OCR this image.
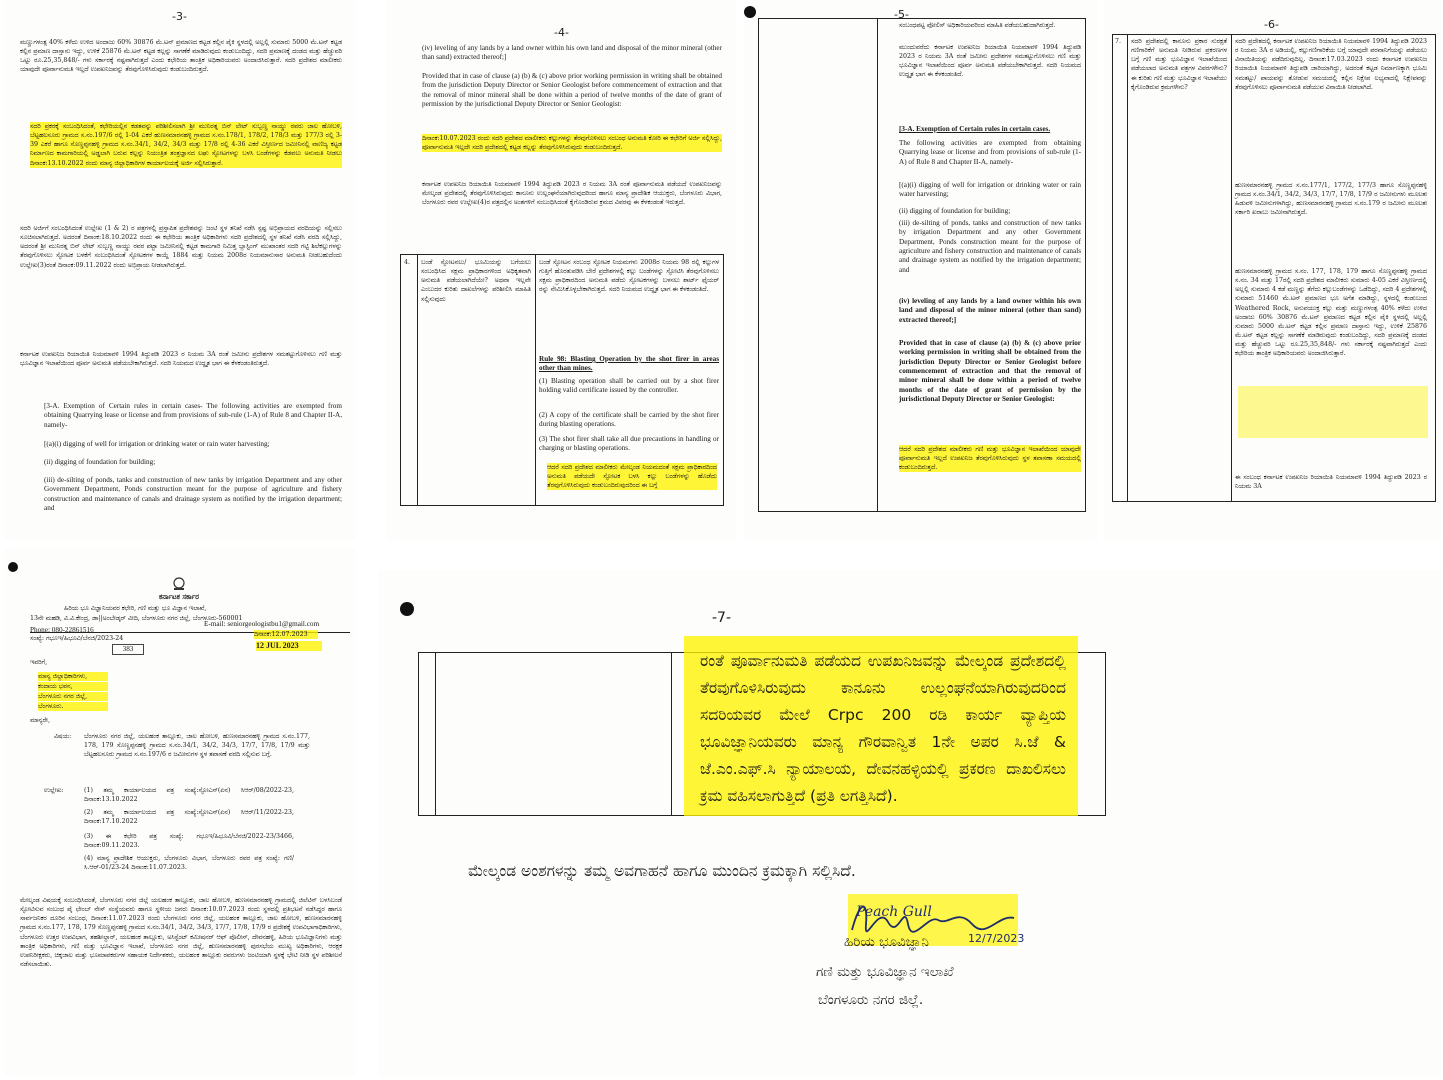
-3-
ಮಣ್ಣುಗಳಂತ್ಪ 40% ಕಳೆದು ಉಳಿದ ಅಂದಾಜು 60% 30876 ಮೆ.ಟನ್ ಪ್ರಮಾಣದ ಕಟ್ಟಡ ಕಲ್ಲಿನ ಪೈಕಿ ಸ್ಥಳದಲ್ಲಿ ಅಲ್ಲಲ್ಲಿ ಸುಮಾರು 5000 ಮೆ.ಟನ್ ಕಟ್ಟಡ ಕಲ್ಲಿನ ಪ್ರಮಾಣ ದಾಸ್ತಾನು ಇದ್ದು, ಉಳಿಕೆ 25876 ಮೆ.ಟನ್ ಕಟ್ಟಡ ಕಲ್ಲನ್ನು ಸಾಗಣೆಕೆ ಮಾಡಿರುವುದು ಕಂಡುಬಂದಿದ್ದು, ಸದರಿ ಪ್ರಮಾಣಕ್ಕೆ ದಂಡದ ಮತ್ತು ಹೆಚ್ಚುವರಿ ಒಟ್ಟು ರೂ.25,35,848/- ಗಳು ಸರ್ಕಾರಕ್ಕೆ ನಷ್ಟವಾಗಿರುತ್ತದೆ ಎಂದು ಕಛೇರಿಯ ತಾಂತ್ರಿಕ ಅಧಿಕಾರಿಯವರು ಅಂದಾಜಿಸಿರುತ್ತಾರೆ. ಸದರಿ ಪ್ರದೇಶದ ಮಾಲೀಕರು ಯಾವುದೇ ಪೂರ್ವಾನುಮತಿ ಇಲ್ಲದೆ ಉಪಖನಿಜವನ್ನು ತೆರವುಗೊಳಿಸಿರುವುದು ಕಂಡುಬಂದಿರುತ್ತದೆ.
ಸದರಿ ಪ್ರಕರಕ್ಕೆ ಸಂಬಂಧಿಸಿದಂತೆ, ಕಛೇರಿಯಲ್ಲಿನ ಕಡತವನ್ನು ಪರಿಶೀಲಿಸಲಾಗಿ ಶ್ರೀ ಮುನಿರತ್ನ ಬಿನ್ ಲೇಟ್ ಸುಬ್ಬಣ್ಣ ನಾಯ್ಡು ರವರು ಜಾಲ ಹೋಬಳಿ, ಬೆಟ್ಟಹಲಸೂರು ಗ್ರಾಮದ ಸ.ನಂ.197/6 ರಲ್ಲಿ 1-04 ಎಕರೆ ಹುಣಸಮಾರನಹಳ್ಳಿ ಗ್ರಾಮದ ಸ.ನಂ.178/1, 178/2, 178/3 ಮತ್ತು 177/3 ರಲ್ಲಿ 3-39 ಎಕರೆ ಹಾಗೂ ಸೊಣ್ಣಪ್ಪನಹಳ್ಳಿ ಗ್ರಾಮದ ಸ.ನಂ.34/1, 34/2, 34/3 ಮತ್ತು 17/8 ರಲ್ಲಿ 4-36 ಎಕರೆ ವಿಸ್ತೀರ್ಣದ ಜಮೀನಿನಲ್ಲಿ ವಾಣಿಜ್ಯ ಕಟ್ಟಡ ನಿರ್ಮಾಣದ ಕಾಮಗಾರಿಯಲ್ಲಿ ಅಡ್ಡಲಾಗಿ ಬರುವ ಕಲ್ಲನ್ನು ನಿಯಂತ್ರಿತ ತಂತ್ರಜ್ಞಾನದ ಲಘು ಸ್ಫೋಟಗಳನ್ನು ಬಳಸಿ ಬಂಡೆಗಳನ್ನು ಕೆಡವಲು ಅನುಮತಿ ನೀಡಲು ದಿನಾಂಕ:13.10.2022 ರಂದು ಮಾನ್ಯ ಜಿಲ್ಲಾಧಿಕಾರಿಗಳ ಕಾರ್ಯಾಲಯಕ್ಕೆ ಅರ್ಜಿ ಸಲ್ಲಿಸಿರುತ್ತಾರೆ.
ಸದರಿ ಅರ್ಜಿಗೆ ಸಂಬಂಧಿಸಿದಂತೆ ಉಲ್ಲೇಖ (1 & 2) ರ ಪತ್ರಗಳಲ್ಲಿ ಪ್ರಸ್ತಾಪಿತ ಪ್ರದೇಶವನ್ನು ಜಂಟಿ ಸ್ಥಳ ತನಿಖೆ ನಡೆಸಿ ಸ್ಪಷ್ಟ ಅಭಿಪ್ರಾಯದ ವರದಿಯನ್ನು ಸಲ್ಲಿಸಲು ಸೂಚಿಸಲಾಗಿರುತ್ತದೆ. ಅದರಂತೆ ದಿನಾಂಕ:18.10.2022 ರಂದು ಈ ಕಛೇರಿಯ ತಾಂತ್ರಿಕ ಅಧಿಕಾರಿಗಳು ಸದರಿ ಪ್ರದೇಶದಲ್ಲಿ ಸ್ಥಳ ತನಿಖೆ ನಡೆಸಿ ವರದಿ ಸಲ್ಲಿಸಿದ್ದು, ಅದರಂತೆ ಶ್ರೀ ಮುನಿರತ್ನ ಬಿನ್ ಲೇಟ್ ಸುಬ್ಬಣ್ಣ ನಾಯ್ಡು ರವರ ಪಟ್ಟಾ ಜಮೀನಿನಲ್ಲಿ ಕಟ್ಟಡ ಕಾಮಗಾರಿ ನಿಮಿತ್ತ ಬ್ಲಾಸ್ಟಿಂಗ್ ಮುಖಾಂತರ ಸದರಿ ಗಟ್ಟಿ ಶಿಲೆಕಲ್ಲುಗಳನ್ನು ತೆರವುಗೊಳಿಸಲು ಸ್ಫೋಟಕ ಬಳಕೆಗೆ ಸಂಬಂಧಿಸಿದಂತೆ ಸ್ಫೋಟಕಗಳ ಕಾಯ್ದೆ 1884 ಮತ್ತು ನಿಯಮ 2008ರ ನಿಯಮಾನುಸಾರ ಅನುಮತಿ ನೀಡಬಹುದೆಂದು ಉಲ್ಲೇಖ(3)ರಂತೆ ದಿನಾಂಕ:09.11.2022 ರಂದು ಅಭಿಪ್ರಾಯ ನೀಡಲಾಗಿರುತ್ತದೆ.
ಕರ್ನಾಟಕ ಉಪಖನಿಜ ರಿಯಾಯಿತಿ ನಿಯಮಾವಳಿ 1994 ತಿದ್ದುಪಡಿ 2023 ರ ನಿಯಮ 3A ರಂತೆ ಜಮೀನು ಪ್ರದೇಶಗಳ ಸಮತಟ್ಟುಗೊಳಿಸಲು ಗಣಿ ಮತ್ತು ಭೂವಿಜ್ಞಾನ ಇಲಾಖೆಯಿಂದ ಪೂರ್ವ ಅನುಮತಿ ಪಡೆಯಬೇಕಾಗಿರುತ್ತದೆ. ಸದರಿ ನಿಯಮದ ಉದ್ಧೃತ ಭಾಗ ಈ ಕೆಳಕಂಡಂತಿರುತ್ತದೆ.
[3-A. Exemption of Certain rules in certain cases- The following activities are exempted from obtaining Quarrying lease or license and from provisions of sub-rule (1-A) of Rule 8 and Chapter II-A, namely-
[(a)(i) digging of well for irrigation or drinking water or rain water harvesting;
(ii) digging of foundation for building;
(iii) de-silting of ponds, tanks and construction of new tanks by irrigation Department and any other Government Department, Ponds construction meant for the purpose of agriculture and fishery construction and maintenance of canals and drainage system as notified by the irrigation department; and
-4-
(iv) leveling of any lands by a land owner within his own land and disposal of the minor mineral (other than sand) extracted thereof;]
Provided that in case of clause (a) (b) & (c) above prior working permission in writing shall be obtained from the jurisdiction Deputy Director or Senior Geologist before commencement of extraction and that the removal of minor mineral shall be done within a period of twelve months of the date of grant of permission by the jurisdictional Deputy Director or Senior Geologist:
ದಿನಾಂಕ:10.07.2023 ರಂದು ಸದರಿ ಪ್ರದೇಶದ ಮಾಲೀಕರು ಕಲ್ಲುಗಳನ್ನು ತೆರವುಗೊಳಿಸಲು ಸಂಬಂಧ ಅನುಮತಿ ಕೋರಿ ಈ ಕಛೇರಿಗೆ ಅರ್ಜಿ ಸಲ್ಲಿಸಿದ್ದು, ಪೂರ್ವಾನುಮತಿ ಇಲ್ಲದೇ ಸದರಿ ಪ್ರದೇಶದಲ್ಲಿ ಕಟ್ಟಡ ಕಲ್ಲನ್ನು ತೆರವುಗೊಳಿಸಿರುವುದು ಕಂಡುಬಂದಿರುತ್ತದೆ.
ಕರ್ನಾಟಕ ಉಪಖನಿಜ ರಿಯಾಯಿತಿ ನಿಯಮಾವಳಿ 1994 ತಿದ್ದುಪಡಿ 2023 ರ ನಿಯಮ 3A ರಂತೆ ಪೂರ್ವಾನುಮತಿ ಪಡೆಯದೆ ಉಪಖನಿಜವನ್ನು ಮೇಲ್ಕಂಡ ಪ್ರದೇಶದಲ್ಲಿ ತೆರವುಗೊಳಿಸಿರುವುದು ಕಾನೂನು ಉಲ್ಲಂಘನೆಯಾಗಿರುವುದರಿಂದ ಹಾಗೂ ಮಾನ್ಯ ಪ್ರಾದೇಶಿಕ ಆಯುಕ್ತರು, ಬೆಂಗಳೂರು ವಿಭಾಗ, ಬೆಂಗಳೂರು ರವರ ಉಲ್ಲೇಖ(4)ರ ಪತ್ರದಲ್ಲಿನ ಅಂಶಗಳಿಗೆ ಸಂಬಂಧಿಸಿದಂತೆ ಕೈಗೊಂಡಿರುವ ಕ್ರಮದ ವಿವರವು ಈ ಕೆಳಕಂಡಂತೆ ಇರುತ್ತದೆ.
4.	ಬಂಡೆ ಸ್ಫೋಟನಲು/ ಭೂಮಿಯನ್ನು ಬಗೆಯಲು ಸಂಬಂಧಿಸಿದ ಸಕ್ಷಮ ಪ್ರಾಧಿಕಾರಗಳಿಂದ ಅಧಿಕೃತವಾಗಿ ಅನುಮತಿ ಪಡೆಯಲಾಗಿದೆಯೇ? ಅಥವಾ ಇಲ್ಲವೇ ಎಂಬುದರ ಕುರಿತು ದಾಖಲೆಗಳನ್ನು ಪರಿಶೀಲಿಸಿ ಮಾಹಿತಿ ಸಲ್ಲಿಸುವುದು
ಬಂಡೆ ಸ್ಫೋಟನ ಸಂಬಂಧ ಸ್ಫೋಟಕ ನಿಯಮಗಳು 2008ರ ನಿಯಮ 98 ರಲ್ಲಿ ಕಲ್ಲುಗಳ ಗುತ್ತಿಗೆ ಹೊರತುಪಡಿಸಿ ಬೇರೆ ಪ್ರದೇಶಗಳಲ್ಲಿ ಕಲ್ಲು ಬಂಡೆಗಳನ್ನು ಸ್ಫೋಟಿಸಿ ತೆರವುಗೊಳಿಸಲು ಸಕ್ಷಮ ಪ್ರಾಧಿಕಾರದಿಂದ ಅನುಮತಿ ಪಡೆದು ಸ್ಫೋಟಕಗಳನ್ನು ಬಳಸಲು ಶಾರ್ಟ್ ಫೈಯರ್ ರನ್ನು ನೇಮಿಸಿಕೊಳ್ಳಬೇಕಾಗಿರುತ್ತದೆ. ಸದರಿ ನಿಯಮದ ಉದ್ಧೃತ ಭಾಗ ಈ ಕೆಳಕಂಡಂತಿದೆ.
Rule 98: Blasting Operation by the shot firer in areas other than mines.
(1) Blasting operation shall be carried out by a shot firer holding valid certificate issued by the controller.
(2) A copy of the certificate shall be carried by the shot firer during blasting operations.
(3) The shot firer shall take all due precautions in handling or charging or blasting operations.
ಆದರೆ ಸದರಿ ಪ್ರದೇಶದ ಮಾಲೀಕರು ಮೇಲ್ಕಂಡ ನಿಯಮದಂತೆ ಸಕ್ಷಮ ಪ್ರಾಧಿಕಾರದಿಂದ ಅನುಮತಿ ಪಡೆಯದೇ ಸ್ಫೋಟಕ ಬಳಸಿ ಕಲ್ಲು ಬಂಡೆಗಳನ್ನು ಹೊಡೆದು ತೆರವುಗೊಳಿಸಿರುವುದು ಕಂಡುಬಂದಿರುವುದರಿಂದ ಈ ಬಗ್ಗೆ
-5-
ಸಂಬಂಧಪಟ್ಟ ಪೋಲಿಸ್ ಅಧಿಕಾರಿಯವರಿಂದ ಮಾಹಿತಿ ಪಡೆಯಬಹುದಾಗಿರುತ್ತದೆ.
ಮುಂದುವರೆದು ಕರ್ನಾಟಕ ಉಪಖನಿಜ ರಿಯಾಯಿತಿ ನಿಯಮಾವಳಿ 1994 ತಿದ್ದುಪಡಿ 2023 ರ ನಿಯಮ 3A ರಂತೆ ಜಮೀನು ಪ್ರದೇಶಗಳ ಸಮತಟ್ಟುಗೊಳಿಸಲು ಗಣಿ ಮತ್ತು ಭೂವಿಜ್ಞಾನ ಇಲಾಖೆಯಿಂದ ಪೂರ್ವ ಅನುಮತಿ ಪಡೆಯಬೇಕಾಗಿರುತ್ತದೆ. ಸದರಿ ನಿಯಮದ ಉದ್ಧೃತ ಭಾಗ ಈ ಕೆಳಕಂಡಂತಿದೆ.
[3-A. Exemption of Certain rules in certain cases.
The following activities are exempted from obtaining Quarrying lease or license and from provisions of sub-rule (1-A) of Rule 8 and Chapter II-A, namely-
[(a)(i) digging of well for irrigation or drinking water or rain water harvesting;
(ii) digging of foundation for building;
(iii) de-silting of ponds, tanks and construction of new tanks by irrigation Department and any other Government Department, Ponds construction meant for the purpose of agriculture and fishery construction and maintenance of canals and drainage system as notified by the irrigation department; and
(iv) leveling of any lands by a land owner within his own land and disposal of the minor mineral (other than sand) extracted thereof;]
Provided that in case of clause (a) (b) & (c) above prior working permission in writing shall be obtained from the jurisdiction Deputy Director or Senior Geologist before commencement of extraction and that the removal of minor mineral shall be done within a period of twelve months of the date of grant of permission by the jurisdictional Deputy Director or Senior Geologist:
ಆದರೆ ಸದರಿ ಪ್ರದೇಶದ ಮಾಲೀಕರು ಗಣಿ ಮತ್ತು ಭೂವಿಜ್ಞಾನ ಇಲಾಖೆಯಿಂದ ಯಾವುದೇ ಪೂರ್ವಾನುಮತಿ ಇಲ್ಲದೆ ಉಪಖನಿಜ ತೆರವುಗೊಳಿಸಿರುವುದು ಸ್ಥಳ ತಪಾಸಣಾ ಸಮಯದಲ್ಲಿ ಕಂಡುಬಂದಿರುತ್ತದೆ.
-6-
7.	ಸದರಿ ಪ್ರದೇಶದಲ್ಲಿ ಕಾನೂನು ಪ್ರಕಾರ ಸುರಕ್ಷತೆ ಗಣಿಗಾರಿಕೆಗೆ ಅನುಮತಿ ನೀಡಿರುವ ಪ್ರಕರಣಗಳ ಬಗ್ಗೆ ಗಣಿ ಮತ್ತು ಭೂವಿಜ್ಞಾನ ಇಲಾಖೆಯಿಂದ ಪಡೆಯಲಾದ ಅನುಮತಿ ಪತ್ರಗಳ ವಿವರಗಳೇನು? ಈ ಕುರಿತು ಗಣಿ ಮತ್ತು ಭೂವಿಜ್ಞಾನ ಇಲಾಖೆಯು ಕೈಗೊಂಡಿರುವ ಕ್ರಮಗಳೇನು?
ಸದರಿ ಪ್ರದೇಶದಲ್ಲಿ ಕರ್ನಾಟಕ ಉಪಖನಿಜ ರಿಯಾಯಿತಿ ನಿಯಮಾವಳಿ 1994 ತಿದ್ದುಪಡಿ 2023 ರ ನಿಯಮ 3A ರ ಅಡಿಯಲ್ಲಿ, ಕಲ್ಲುಗಣಿಗಾರಿಕೆಯ ಬಗ್ಗೆ ಯಾವುದೇ ಪರವಾನಿಗೆಯನ್ನು ಪಡೆಯಲು ವಿನಾಯಿತಿಯನ್ನು ಪಡೆದಿರುವುದಿಲ್ಲ. ದಿನಾಂಕ:17.03.2023 ರಂದು ಕರ್ನಾಟಕ ಉಪಖನಿಜ ರಿಯಾಯಿತಿ ನಿಯಮಾವಳಿ ತಿದ್ದುಪಡಿ ಜಾರಿಯಾಗಿದ್ದು, ಅದರಂತೆ ಕಟ್ಟಡ ನಿರ್ಮಾಣಕ್ಕಾಗಿ ಭೂಮಿ ಸಮತಟ್ಟು/ ಪಾಯವನ್ನು ತೋಡುವ ಸಮಯದಲ್ಲಿ ಕಲ್ಲಿನ ನಿಕ್ಷೇಪ ಲಭ್ಯವಾದಲ್ಲಿ ನಿಕ್ಷೇಪವನ್ನು ತೆರವುಗೊಳಿಸಲು ಪೂರ್ವಾನುಮತಿ ಪಡೆಯುವ ವಿನಾಯಿತಿ ನೀಡಲಾಗಿದೆ.
ಹುಣಸಮಾರನಹಳ್ಳಿ ಗ್ರಾಮದ ಸ.ನಂ.177/1, 177/2, 177/3 ಹಾಗೂ ಸೊಣ್ಣಪ್ಪನಹಳ್ಳಿ ಗ್ರಾಮದ ಸ.ನಂ.34/1, 34/2, 34/3, 17/7, 17/8, 17/9 ರ ಜಮೀನುಗಳು ಮೂಲತಃ ಹಿಡುವಳಿ ಜಮೀನುಗಳಾಗಿದ್ದು, ಹುಣಸಮಾರನಹಳ್ಳಿ ಗ್ರಾಮದ ಸ.ನಂ.179 ರ ಜಮೀನು ಮೂಲತಃ ಸರ್ಕಾರಿ ಖರಾಬು ಜಮೀನಾಗಿರುತ್ತದೆ.
ಹುಣಸಮಾರನಹಳ್ಳಿ ಗ್ರಾಮದ ಸ.ನಂ. 177, 178, 179 ಹಾಗೂ ಸೊಣ್ಣಪ್ಪನಹಳ್ಳಿ ಗ್ರಾಮದ ಸ.ನಂ. 34 ಮತ್ತು 17ರಲ್ಲಿ ಸದರಿ ಪ್ರದೇಶದ ಮಾಲೀಕರು ಸುಮಾರು 4-05 ಎಕರೆ ವಿಸ್ತೀರ್ಣದಲ್ಲಿ ಅಲ್ಲಲ್ಲಿ ಸುಮಾರು 4 ಕಡೆ ಮಣ್ಣನ್ನು ತೆಗೆದು ಕಲ್ಲುಬಂಡೆಗಳನ್ನು ಒಡೆದಿದ್ದು, ಸದರಿ 4 ಪ್ರದೇಶಗಳಲ್ಲಿ ಸುಮಾರು 51460 ಮೆ.ಟನ್ ಪ್ರಮಾಣದ ಭೂ ಅಗೆತ ಮಾಡಿದ್ದು, ಸ್ಥಳದಲ್ಲಿ ಕಂಡುಬಂದ Weathered Rock, ಅನುಪಯುಕ್ತ ಕಲ್ಲು ಮತ್ತು ಮಣ್ಣುಗಳಂತ್ಪ 40% ಕಳೆದು ಉಳಿದ ಅಂದಾಜು 60% 30876 ಮೆ.ಟನ್ ಪ್ರಮಾಣದ ಕಟ್ಟಡ ಕಲ್ಲಿನ ಪೈಕಿ ಸ್ಥಳದಲ್ಲಿ ಅಲ್ಲಲ್ಲಿ ಸುಮಾರು 5000 ಮೆ.ಟನ್ ಕಟ್ಟಡ ಕಲ್ಲಿನ ಪ್ರಮಾಣ ದಾಸ್ತಾನು ಇದ್ದು, ಉಳಿಕೆ 25876 ಮೆ.ಟನ್ ಕಟ್ಟಡ ಕಲ್ಲನ್ನು ಸಾಗಣೆಕೆ ಮಾಡಿರುವುದು ಕಂಡುಬಂದಿದ್ದು, ಸದರಿ ಪ್ರಮಾಣಕ್ಕೆ ದಂಡದ ಮತ್ತು ಹೆಚ್ಚುವರಿ ಒಟ್ಟು ರೂ.25,35,848/- ಗಳು ಸರ್ಕಾರಕ್ಕೆ ನಷ್ಟವಾಗಿರುತ್ತದೆ ಎಂದು ಕಛೇರಿಯ ತಾಂತ್ರಿಕ ಅಧಿಕಾರಿಯವರು ಅಂದಾಜಿಸಿರುತ್ತಾರೆ.
ಈ ಸಂಬಂಧ ಕರ್ನಾಟಕ ಉಪಖನಿಜ ರಿಯಾಯಿತಿ ನಿಯಮಾವಳಿ 1994 ತಿದ್ದುಪಡಿ 2023 ರ ನಿಯಮ 3A
ಕರ್ನಾಟಕ ಸರ್ಕಾರ
ಹಿರಿಯ ಭೂ ವಿಜ್ಞಾನಿಯವರ ಕಛೇರಿ, ಗಣಿ ಮತ್ತು ಭೂ ವಿಜ್ಞಾನ ಇಲಾಖೆ,
13ನೇ ಮಹಡಿ, ವಿ.ವಿ.ಕೇಂದ್ರ, ಡಾ||ಅಂಬೇಡ್ಕರ್ ವೀದಿ, ಬೆಂಗಳೂರು ನಗರ ಜಿಲ್ಲೆ, ಬೆಂಗಳೂರು-560001
Phone: 080-22861516
E-mail: seniorgeologistbu1@gmail.com
ಸಂಖ್ಯೆ: ಗಭೂಇ/ಹಿಭೂವಿ/ಬೆನಜಿ/2023-24
383
ದಿನಾಂಕ:12.07.2023
12 JUL 2023
ಇವರಿಗೆ,
ಮಾನ್ಯ ಜಿಲ್ಲಾಧಿಕಾರಿಗಳು,
ಕಂದಾಯ ಭವನ,
ಬೆಂಗಳೂರು ನಗರ ಜಿಲ್ಲೆ,
ಬೆಂಗಳೂರು.
ಮಾನ್ಯರೇ,
ವಿಷಯ:	ಬೆಂಗಳೂರು ನಗರ ಜಿಲ್ಲೆ, ಯಲಹಂಕ ತಾಲ್ಲೂಕು, ಜಾಲ ಹೋಬಳಿ, ಹುಣಸಮಾರನಹಳ್ಳಿ ಗ್ರಾಮದ ಸ.ನಂ.177, 178, 179 ಸೊಣ್ಣಪ್ಪನಹಳ್ಳಿ ಗ್ರಾಮದ ಸ.ನಂ.34/1, 34/2, 34/3, 17/7, 17/8, 17/9 ಮತ್ತು ಬೆಟ್ಟಹಲಸೂರು ಗ್ರಾಮದ ಸ.ನಂ.197/6 ರ ಜಮೀನುಗಳ ಸ್ಥಳ ತಪಾಸಣೆ ವರದಿ ಸಲ್ಲಿಸುವ ಬಗ್ಗೆ.
ಉಲ್ಲೇಖ:	(1) ತಮ್ಮ ಕಾರ್ಯಾಲಯದ ಪತ್ರ ಸಂಖ್ಯೆ:ಸ್ಫೋಎಸ್(ಏನ) ಸಿಆರ್/08/2022-23, ದಿನಾಂಕ:13.10.2022
(2) ತಮ್ಮ ಕಾರ್ಯಾಲಯದ ಪತ್ರ ಸಂಖ್ಯೆ:ಸ್ಫೋಎಸ್(ಏನ) ಸಿಆರ್/11/2022-23, ದಿನಾಂಕ:17.10.2022
(3) ಈ ಕಛೇರಿ ಪತ್ರ ಸಂಖ್ಯೆ: ಗಭೂಇ/ಹಿಭೂವಿ/ಬೆನಜಿ/2022-23/3466, ದಿನಾಂಕ:09.11.2023.
(4) ಮಾನ್ಯ ಪ್ರಾದೇಶಿಕ ಆಯುಕ್ತರು, ಬೆಂಗಳೂರು ವಿಭಾಗ, ಬೆಂಗಳೂರು ರವರ ಪತ್ರ ಸಂಖ್ಯೆ: ಗಣಿ/ಸಿ.ಆರ್-01/23-24 ದಿನಾಂಕ:11.07.2023.
ಮೇಲ್ಕಂಡ ವಿಷಯಕ್ಕೆ ಸಂಬಂಧಿಸಿದಂತೆ, ಬೆಂಗಳೂರು ನಗರ ಜಿಲ್ಲೆ ಯಲಹಂಕ ತಾಲ್ಲೂಕು, ಜಾಲ ಹೋಬಳಿ, ಹುಣಸಮಾರನಹಳ್ಳಿ ಗ್ರಾಮದಲ್ಲಿ ಜಿಲೆಟಿನ್ ಬಳಸಿಬಂಡೆ ಸ್ಫೋಟಿಸುವ ಸಂಬಂಧ ಪೈ ಛೇಂಬ್ ನೇಸ್ ಸಂಸ್ಥೆಯವರು ಹಾಗೂ ಸ್ಥಳೀಯ ಜನರು ದಿನಾಂಕ:10.07.2023 ರಂದು ಸ್ಥಳದಲ್ಲಿ ಪ್ರತಿಭಟನೆ ನಡೆಸಿದ್ದರ ಹಾಗೂ ಸಾರ್ವಜನಿಕರ ದೂರಿನ ಸಂಬಂಧ, ದಿನಾಂಕ:11.07.2023 ರಂದು ಬೆಂಗಳೂರು ನಗರ ಜಿಲ್ಲೆ, ಯಲಹಂಕ ತಾಲ್ಲೂಕು, ಜಾಲ ಹೋಬಳಿ, ಹುಣಸಮಾರನಹಳ್ಳಿ ಗ್ರಾಮದ ಸ.ನಂ.177, 178, 179 ಸೊಣ್ಣಪ್ಪನಹಳ್ಳಿ ಗ್ರಾಮದ ಸ.ನಂ.34/1, 34/2, 34/3, 17/7, 17/8, 17/9 ರ ಪ್ರದೇಶಕ್ಕೆ ಉಪವಿಭಾಗಾಧಿಕಾರಿಗಳು, ಬೆಂಗಳೂರು ಉತ್ತರ ಉಪವಿಭಾಗ, ತಹಶೀಲ್ದಾರ್, ಯಲಹಂಕ ತಾಲ್ಲೂಕು, ಅಸಿಸ್ಟೆಂಟ್ ಕಮೀಷನರ್ ಆಫ್ ಪೊಲೀಸ್, ದೇವನಹಳ್ಳಿ, ಹಿರಿಯ ಭೂವಿಜ್ಞಾನಿಗಳು ಮತ್ತು ತಾಂತ್ರಿಕ ಅಧಿಕಾರಿಗಳು, ಗಣಿ ಮತ್ತು ಭೂವಿಜ್ಞಾನ ಇಲಾಖೆ, ಬೆಂಗಳೂರು ನಗರ ಜಿಲ್ಲೆ, ಹುಣಸಮಾರನಹಳ್ಳಿ ಪುರಸಭೆಯ ಮುಖ್ಯ ಅಧಿಕಾರಿಗಳು, ಆರಕ್ಷಕ ಉಪನಿರೀಕ್ಷಕರು, ಚಿಕ್ಕಜಾಲ ಮತ್ತು ಭೂಮಾಪಕರುಗಳ ಸಹಾಯಕ ನಿರ್ದೇಶಕರು, ಯಲಹಂಕ ತಾಲ್ಲೂಕು ರವರುಗಳು ಜಂಟಿಯಾಗಿ ಸ್ಥಳಕ್ಕೆ ಭೇಟಿ ನೀಡಿ ಸ್ಥಳ ಪರಿಶೀಲನೆ ನಡೆಸಲಾಯಿತು.
-7-
ರಂತೆ ಪೂರ್ವಾನುಮತಿ ಪಡೆಯದ ಉಪಖನಿಜವನ್ನು ಮೇಲ್ಕಂಡ ಪ್ರದೇಶದಲ್ಲಿ ತೆರವುಗೊಳಿಸಿರುವುದು ಕಾನೂನು ಉಲ್ಲಂಘನೆಯಾಗಿರುವುದರಿಂದ ಸದರಿಯವರ ಮೇಲೆ Crpc 200 ರಡಿ ಕಾರ್ಯ ವ್ಯಾಪ್ತಿಯ ಭೂವಿಜ್ಞಾನಿಯವರು ಮಾನ್ಯ ಗೌರವಾನ್ವಿತ 1ನೇ ಅಪರ ಸಿ.ಜೆ & ಜೆ.ಎಂ.ಎಫ್.ಸಿ ನ್ಯಾಯಾಲಯ, ದೇವನಹಳ್ಳಿಯಲ್ಲಿ ಪ್ರಕರಣ ದಾಖಲಿಸಲು ಕ್ರಮ ವಹಿಸಲಾಗುತ್ತಿದೆ (ಪ್ರತಿ ಲಗತ್ತಿಸಿದೆ).
ಮೇಲ್ಕಂಡ ಅಂಶಗಳನ್ನು ತಮ್ಮ ಅವಗಾಹನೆ ಹಾಗೂ ಮುಂದಿನ ಕ್ರಮಕ್ಕಾಗಿ ಸಲ್ಲಿಸಿದೆ.
Peach Gull
12/7/2023
ಹಿರಿಯ ಭೂವಿಜ್ಞಾನಿ
ಗಣಿ ಮತ್ತು ಭೂವಿಜ್ಞಾನ ಇಲಾಖೆ
ಬೆಂಗಳೂರು ನಗರ ಜಿಲ್ಲೆ.
